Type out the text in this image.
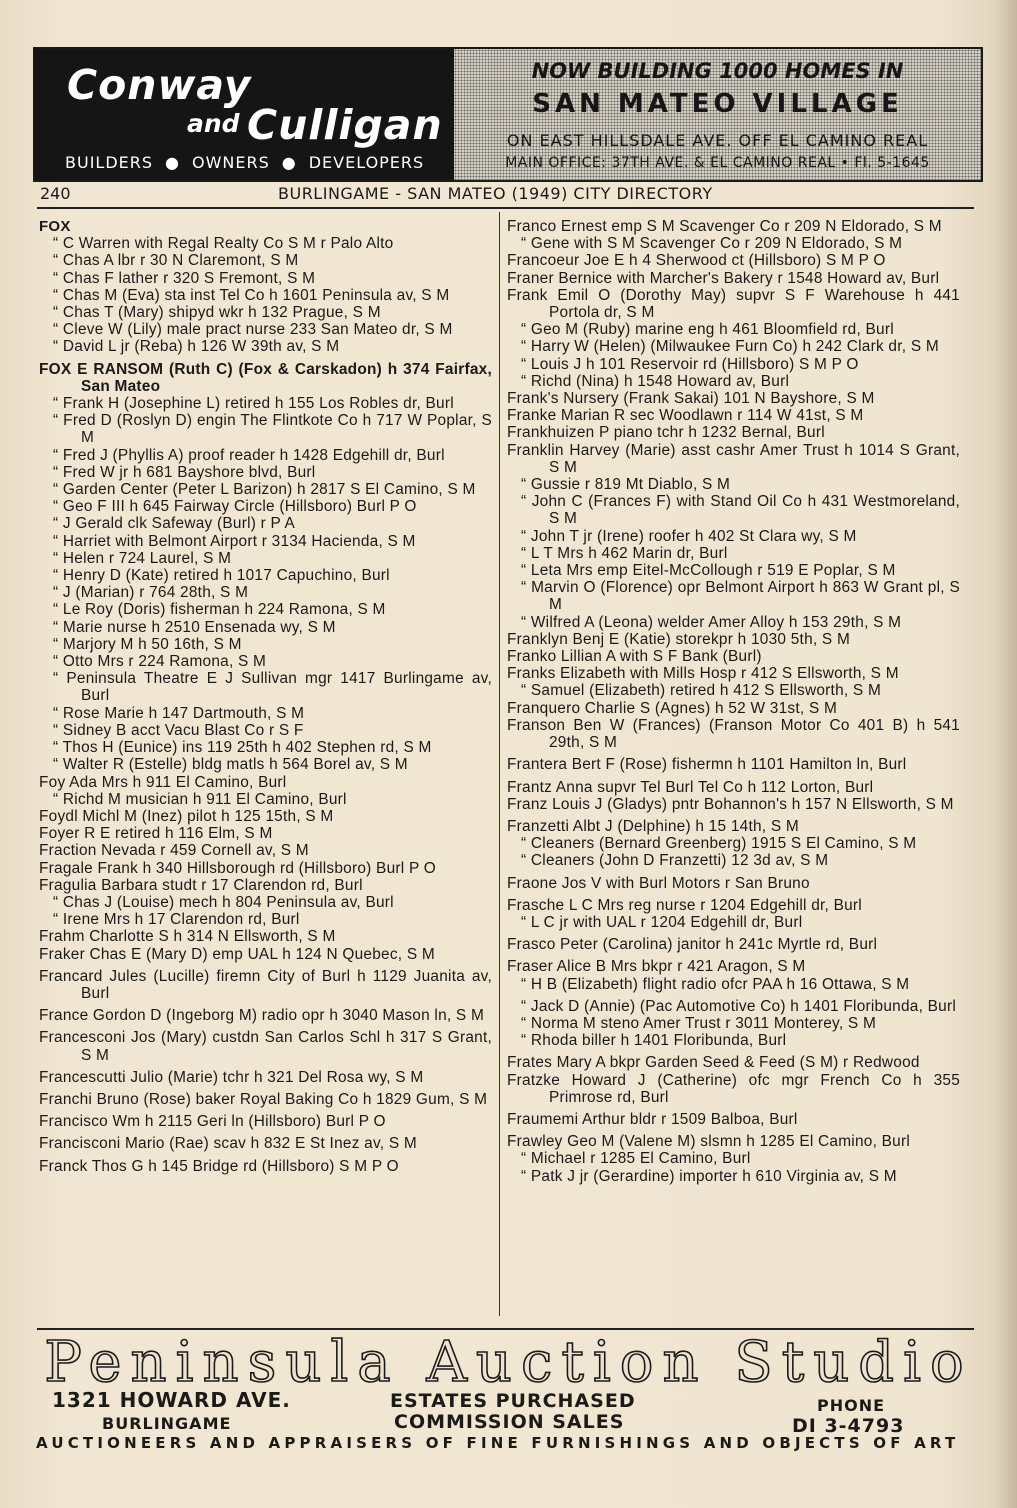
Conway
and Culligan
BUILDERS ● OWNERS ● DEVELOPERS
NOW BUILDING 1000 HOMES IN
SAN MATEO VILLAGE
ON EAST HILLSDALE AVE. OFF EL CAMINO REAL
MAIN OFFICE: 37TH AVE. & EL CAMINO REAL • Fl. 5-1645
240	BURLINGAME - SAN MATEO (1949) CITY DIRECTORY
FOX
“ C Warren with Regal Realty Co S M r Palo Alto
“ Chas A lbr r 30 N Claremont, S M
“ Chas F lather r 320 S Fremont, S M
“ Chas M (Eva) sta inst Tel Co h 1601 Peninsula av, S M
“ Chas T (Mary) shipyd wkr h 132 Prague, S M
“ Cleve W (Lily) male pract nurse 233 San Mateo dr, S M
“ David L jr (Reba) h 126 W 39th av, S M
FOX E RANSOM (Ruth C) (Fox & Carskadon) h 374 Fairfax, San Mateo
“ Frank H (Josephine L) retired h 155 Los Robles dr, Burl
“ Fred D (Roslyn D) engin The Flintkote Co h 717 W Poplar, S M
“ Fred J (Phyllis A) proof reader h 1428 Edgehill dr, Burl
“ Fred W jr h 681 Bayshore blvd, Burl
“ Garden Center (Peter L Barizon) h 2817 S El Camino, S M
“ Geo F III h 645 Fairway Circle (Hillsboro) Burl P O
“ J Gerald clk Safeway (Burl) r P A
“ Harriet with Belmont Airport r 3134 Hacienda, S M
“ Helen r 724 Laurel, S M
“ Henry D (Kate) retired h 1017 Capuchino, Burl
“ J (Marian) r 764 28th, S M
“ Le Roy (Doris) fisherman h 224 Ramona, S M
“ Marie nurse h 2510 Ensenada wy, S M
“ Marjory M h 50 16th, S M
“ Otto Mrs r 224 Ramona, S M
“ Peninsula Theatre E J Sullivan mgr 1417 Burlingame av, Burl
“ Rose Marie h 147 Dartmouth, S M
“ Sidney B acct Vacu Blast Co r S F
“ Thos H (Eunice) ins 119 25th h 402 Stephen rd, S M
“ Walter R (Estelle) bldg matls h 564 Borel av, S M
Foy Ada Mrs h 911 El Camino, Burl
“ Richd M musician h 911 El Camino, Burl
Foydl Michl M (Inez) pilot h 125 15th, S M
Foyer R E retired h 116 Elm, S M
Fraction Nevada r 459 Cornell av, S M
Fragale Frank h 340 Hillsborough rd (Hillsboro) Burl P O
Fragulia Barbara studt r 17 Clarendon rd, Burl
“ Chas J (Louise) mech h 804 Peninsula av, Burl
“ Irene Mrs h 17 Clarendon rd, Burl
Frahm Charlotte S h 314 N Ellsworth, S M
Fraker Chas E (Mary D) emp UAL h 124 N Quebec, S M
Francard Jules (Lucille) firemn City of Burl h 1129 Juanita av, Burl
France Gordon D (Ingeborg M) radio opr h 3040 Mason ln, S M
Francesconi Jos (Mary) custdn San Carlos Schl h 317 S Grant, S M
Francescutti Julio (Marie) tchr h 321 Del Rosa wy, S M
Franchi Bruno (Rose) baker Royal Baking Co h 1829 Gum, S M
Francisco Wm h 2115 Geri ln (Hillsboro) Burl P O
Francisconi Mario (Rae) scav h 832 E St Inez av, S M
Franck Thos G h 145 Bridge rd (Hillsboro) S M P O
Franco Ernest emp S M Scavenger Co r 209 N Eldorado, S M
“ Gene with S M Scavenger Co r 209 N Eldorado, S M
Francoeur Joe E h 4 Sherwood ct (Hillsboro) S M P O
Franer Bernice with Marcher's Bakery r 1548 Howard av, Burl
Frank Emil O (Dorothy May) supvr S F Warehouse h 441 Portola dr, S M
“ Geo M (Ruby) marine eng h 461 Bloomfield rd, Burl
“ Harry W (Helen) (Milwaukee Furn Co) h 242 Clark dr, S M
“ Louis J h 101 Reservoir rd (Hillsboro) S M P O
“ Richd (Nina) h 1548 Howard av, Burl
Frank's Nursery (Frank Sakai) 101 N Bayshore, S M
Franke Marian R sec Woodlawn r 114 W 41st, S M
Frankhuizen P piano tchr h 1232 Bernal, Burl
Franklin Harvey (Marie) asst cashr Amer Trust h 1014 S Grant, S M
“ Gussie r 819 Mt Diablo, S M
“ John C (Frances F) with Stand Oil Co h 431 Westmoreland, S M
“ John T jr (Irene) roofer h 402 St Clara wy, S M
“ L T Mrs h 462 Marin dr, Burl
“ Leta Mrs emp Eitel-McCollough r 519 E Poplar, S M
“ Marvin O (Florence) opr Belmont Airport h 863 W Grant pl, S M
“ Wilfred A (Leona) welder Amer Alloy h 153 29th, S M
Franklyn Benj E (Katie) storekpr h 1030 5th, S M
Franko Lillian A with S F Bank (Burl)
Franks Elizabeth with Mills Hosp r 412 S Ellsworth, S M
“ Samuel (Elizabeth) retired h 412 S Ellsworth, S M
Franquero Charlie S (Agnes) h 52 W 31st, S M
Franson Ben W (Frances) (Franson Motor Co 401 B) h 541 29th, S M
Frantera Bert F (Rose) fishermn h 1101 Hamilton ln, Burl
Frantz Anna supvr Tel Burl Tel Co h 112 Lorton, Burl
Franz Louis J (Gladys) pntr Bohannon's h 157 N Ellsworth, S M
Franzetti Albt J (Delphine) h 15 14th, S M
“ Cleaners (Bernard Greenberg) 1915 S El Camino, S M
“ Cleaners (John D Franzetti) 12 3d av, S M
Fraone Jos V with Burl Motors r San Bruno
Frasche L C Mrs reg nurse r 1204 Edgehill dr, Burl
“ L C jr with UAL r 1204 Edgehill dr, Burl
Frasco Peter (Carolina) janitor h 241c Myrtle rd, Burl
Fraser Alice B Mrs bkpr r 421 Aragon, S M
“ H B (Elizabeth) flight radio ofcr PAA h 16 Ottawa, S M
“ Jack D (Annie) (Pac Automotive Co) h 1401 Floribunda, Burl
“ Norma M steno Amer Trust r 3011 Monterey, S M
“ Rhoda biller h 1401 Floribunda, Burl
Frates Mary A bkpr Garden Seed & Feed (S M) r Redwood
Fratzke Howard J (Catherine) ofc mgr French Co h 355 Primrose rd, Burl
Fraumemi Arthur bldr r 1509 Balboa, Burl
Frawley Geo M (Valene M) slsmn h 1285 El Camino, Burl
“ Michael r 1285 El Camino, Burl
“ Patk J jr (Gerardine) importer h 610 Virginia av, S M
Peninsula Auction Studio
1321 HOWARD AVE.
BURLINGAME
ESTATES PURCHASED
COMMISSION SALES
PHONE
DI 3-4793
AUCTIONEERS AND APPRAISERS OF FINE FURNISHINGS AND OBJECTS OF ART
